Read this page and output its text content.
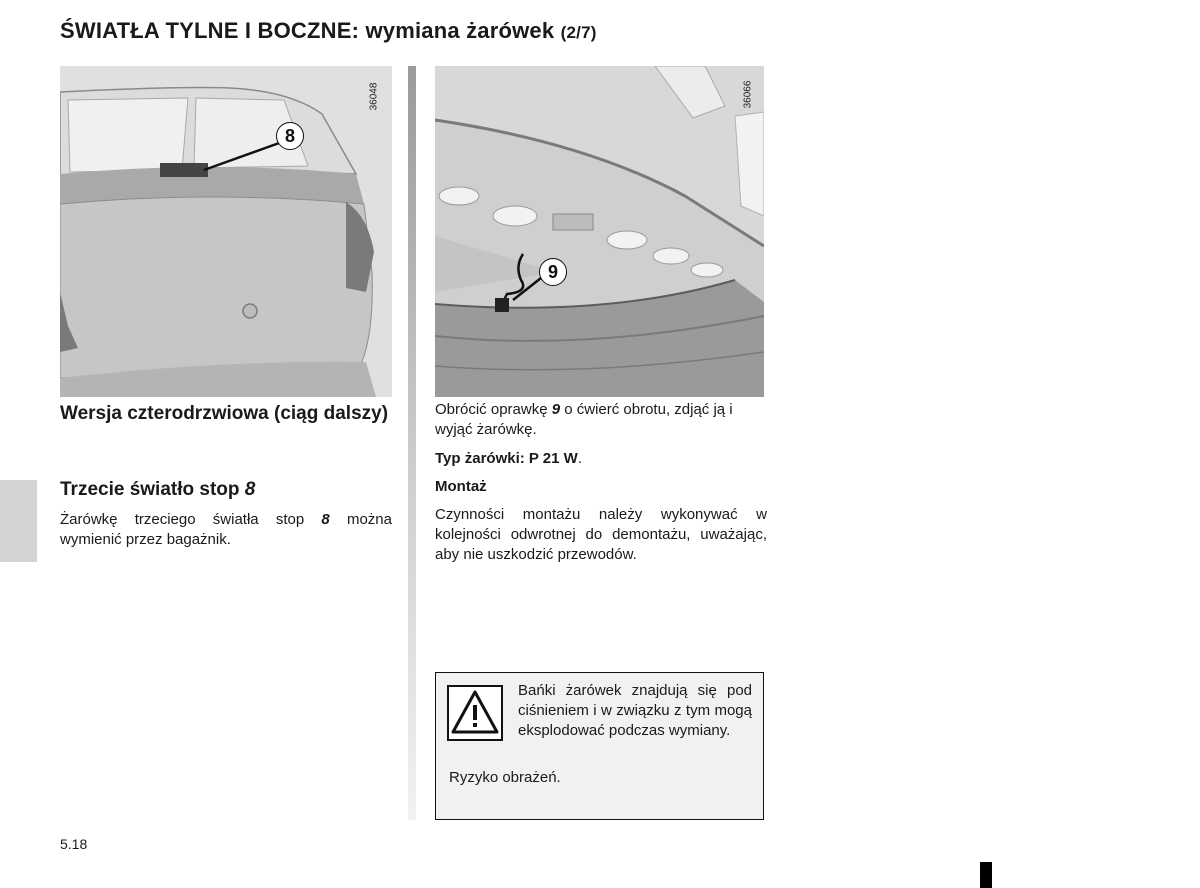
ŚWIATŁA TYLNE I BOCZNE: wymiana żarówek (2/7)
8
36048
9
36066
Wersja czterodrzwiowa (ciąg dalszy)
Trzecie światło stop 8

Żarówkę trzeciego światła stop 8 można wymienić przez bagażnik.

Obrócić oprawkę 9 o ćwierć obrotu, zdjąć ją i wyjąć żarówkę.

Typ żarówki: P 21 W.

Montaż

Czynności montażu należy wykonywać w kolejności odwrotnej do demontażu, uważając, aby nie uszkodzić przewodów.

Bańki żarówek znajdują się pod ciśnieniem i w związku z tym mogą eksplodować podczas wymiany.

Ryzyko obrażeń.

5.18
